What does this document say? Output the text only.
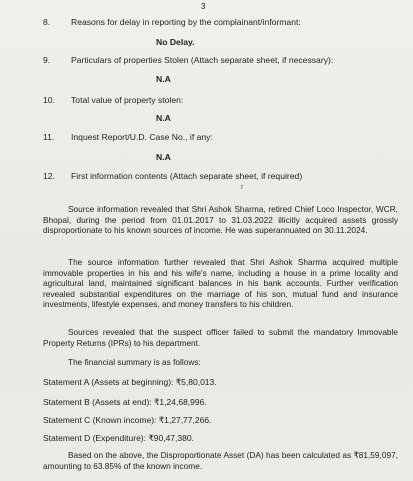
3
8. Reasons for delay in reporting by the complainant/informant:
No Delay.
9. Particulars of properties Stolen (Attach separate sheet, if necessary):
N.A
10. Total value of property stolen:
N.A
11. Inquest Report/U.D. Case No., if any:
N.A
12. First information contents (Attach separate sheet, if required)
r
Source information revealed that Shri Ashok Sharma, retired Chief Loco Inspector, WCR, Bhopal, during the period from 01.01.2017 to 31.03.2022 illicitly acquired assets grossly disproportionate to his known sources of income. He was superannuated on 30.11.2024.
The source information further revealed that Shri Ashok Sharma acquired multiple immovable properties in his and his wife's name, including a house in a prime locality and agricultural land, maintained significant balances in his bank accounts. Further verification revealed substantial expenditures on the marriage of his son, mutual fund and insurance investments, lifestyle expenses, and money transfers to his children.
Sources revealed that the suspect officer failed to submit the mandatory Immovable Property Returns (IPRs) to his department.
The financial summary is as follows:
Statement A (Assets at beginning): ₹5,80,013.
Statement B (Assets at end): ₹1,24,68,996.
Statement C (Known income): ₹1,27,77,266.
Statement D (Expenditure): ₹90,47,380.
Based on the above, the Disproportionate Asset (DA) has been calculated as ₹81,59,097, amounting to 63.85% of the known income.
